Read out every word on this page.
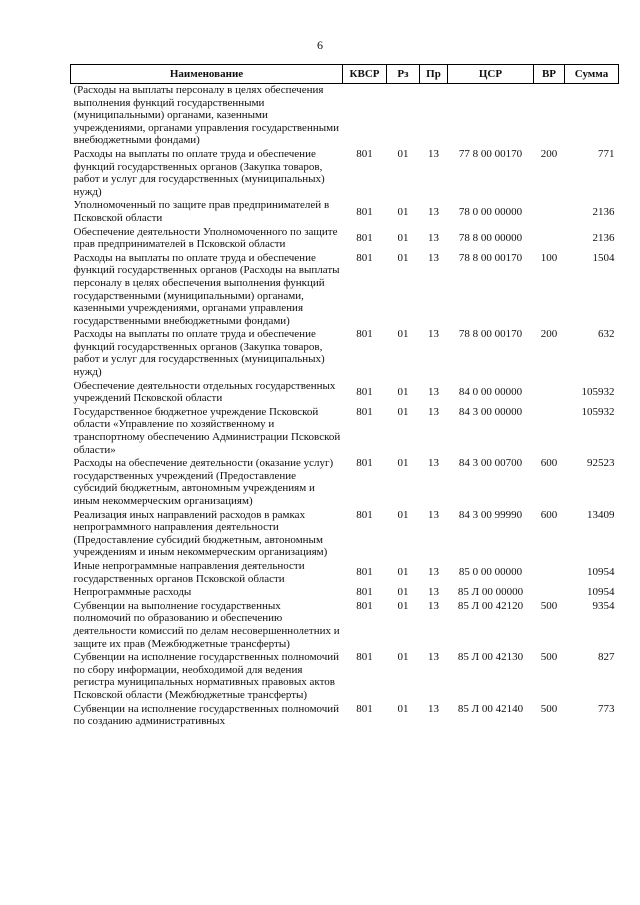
6
Наименование	КВСР	Рз	Пр	ЦСР	ВР	Сумма
(Расходы на выплаты персоналу в целях обеспечения выполнения функций государственными (муниципальными) органами, казенными учреждениями, органами управления государственными внебюджетными фондами)						
Расходы на выплаты по оплате труда и обеспечение функций государственных органов (Закупка товаров, работ и услуг для государственных (муниципальных) нужд)	801	01	13	77 8 00 00170	200	771
Уполномоченный по защите прав предпринимателей в Псковской области	801	01	13	78 0 00 00000		2136
Обеспечение деятельности Уполномоченного по защите прав предпринимателей в Псковской области	801	01	13	78 8 00 00000		2136
Расходы на выплаты по оплате труда и обеспечение функций государственных органов (Расходы на выплаты персоналу в целях обеспечения выполнения функций государственными (муниципальными) органами, казенными учреждениями, органами управления государственными внебюджетными фондами)	801	01	13	78 8 00 00170	100	1504
Расходы на выплаты по оплате труда и обеспечение функций государственных органов (Закупка товаров, работ и услуг для государственных (муниципальных) нужд)	801	01	13	78 8 00 00170	200	632
Обеспечение деятельности отдельных государственных учреждений Псковской области	801	01	13	84 0 00 00000		105932
Государственное бюджетное учреждение Псковской области «Управление по хозяйственному и транспортному обеспечению Администрации Псковской области»	801	01	13	84 3 00 00000		105932
Расходы на обеспечение деятельности (оказание услуг) государственных учреждений (Предоставление субсидий бюджетным, автономным учреждениям и иным некоммерческим организациям)	801	01	13	84 3 00 00700	600	92523
Реализация иных направлений расходов в рамках непрограммного направления деятельности (Предоставление субсидий бюджетным, автономным учреждениям и иным некоммерческим организациям)	801	01	13	84 3 00 99990	600	13409
Иные непрограммные направления деятельности государственных органов Псковской области	801	01	13	85 0 00 00000		10954
Непрограммные расходы	801	01	13	85 Л 00 00000		10954
Субвенции на выполнение государственных полномочий по образованию и обеспечению деятельности комиссий по делам несовершеннолетних и защите их прав (Межбюджетные трансферты)	801	01	13	85 Л 00 42120	500	9354
Субвенции на исполнение государственных полномочий по сбору информации, необходимой для ведения регистра муниципальных нормативных правовых актов Псковской области (Межбюджетные трансферты)	801	01	13	85 Л 00 42130	500	827
Субвенции на исполнение государственных полномочий по созданию административных	801	01	13	85 Л 00 42140	500	773
